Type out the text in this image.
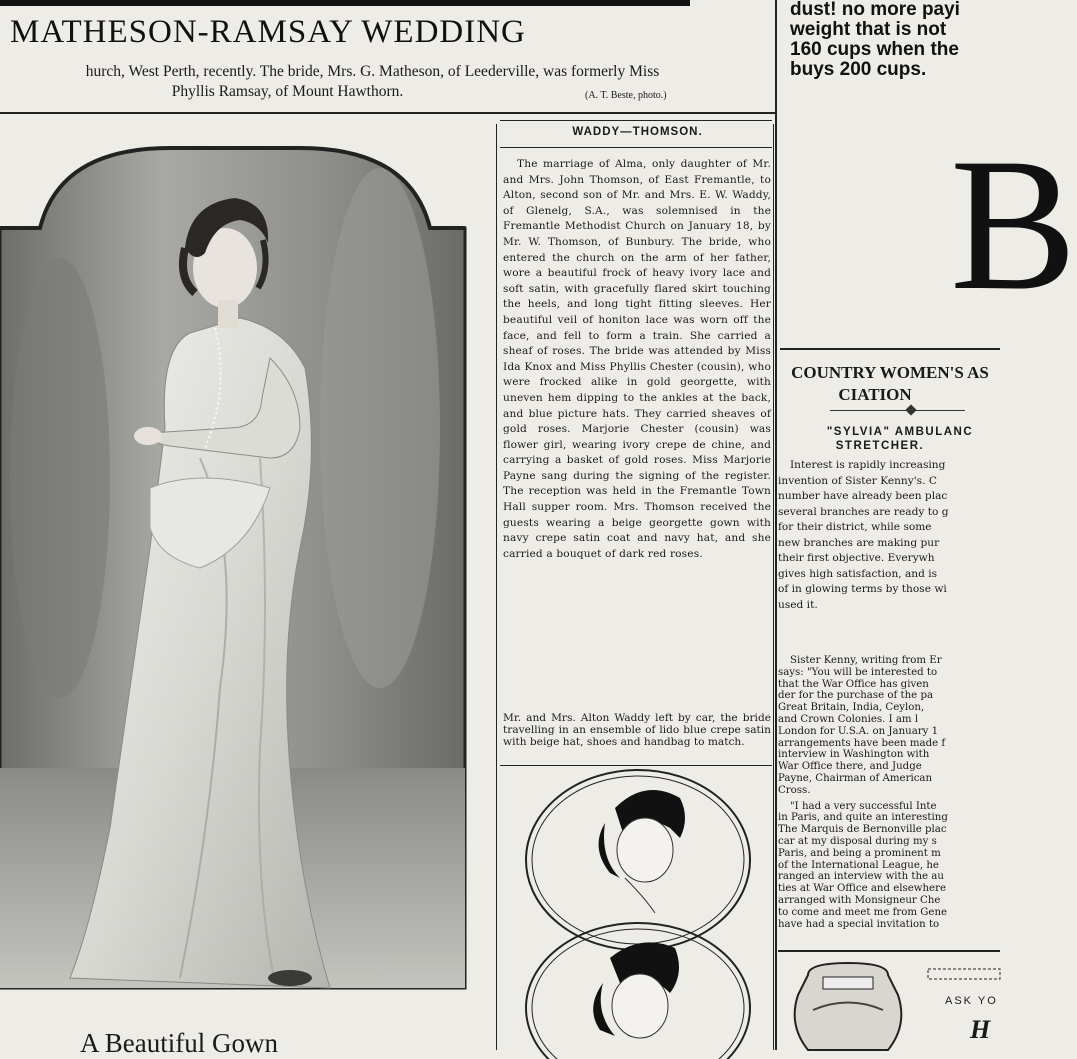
MATHESON-RAMSAY WEDDING
hurch, West Perth, recently. The bride, Mrs. G. Matheson, of Leederville, was formerly Miss
Phyllis Ramsay, of Mount Hawthorn.	(A. T. Beste, photo.)
dust! no more payi
weight that is not
160 cups when the
buys 200 cups.
B
WADDY—THOMSON.
The marriage of Alma, only daughter of Mr. and Mrs. John Thomson, of East Fremantle, to Alton, second son of Mr. and Mrs. E. W. Waddy, of Glenelg, S.A., was solemnised in the Fremantle Methodist Church on January 18, by Mr. W. Thomson, of Bunbury. The bride, who entered the church on the arm of her father, wore a beautiful frock of heavy ivory lace and soft satin, with gracefully flared skirt touching the heels, and long tight fitting sleeves. Her beautiful veil of honiton lace was worn off the face, and fell to form a train. She carried a sheaf of roses. The bride was attended by Miss Ida Knox and Miss Phyllis Chester (cousin), who were frocked alike in gold georgette, with uneven hem dipping to the ankles at the back, and blue picture hats. They carried sheaves of gold roses. Marjorie Chester (cousin) was flower girl, wearing ivory crepe de chine, and carrying a basket of gold roses. Miss Marjorie Payne sang during the signing of the register. The reception was held in the Fremantle Town Hall supper room. Mrs. Thomson received the guests wearing a beige georgette gown with navy crepe satin coat and navy hat, and she carried a bouquet of dark red roses.
Mr. and Mrs. Alton Waddy left by car, the bride travelling in an ensemble of lido blue crepe satin with beige hat, shoes and handbag to match.
COUNTRY WOMEN'S AS
CIATION
"SYLVIA" AMBULANC
STRETCHER.
Interest is rapidly increasing
invention of Sister Kenny's. C
number have already been plac
several branches are ready to g
for their district, while some
new branches are making pur
their first objective. Everywh
gives high satisfaction, and is
of in glowing terms by those wi
used it.
Sister Kenny, writing from Er
says: "You will be interested to
that the War Office has given
der for the purchase of the pa
Great Britain, India, Ceylon,
and Crown Colonies. I am l
London for U.S.A. on January 1
arrangements have been made f
interview in Washington with
War Office there, and Judge
Payne, Chairman of American
Cross.
"I had a very successful Inte
in Paris, and quite an interesting
The Marquis de Bernonville plac
car at my disposal during my s
Paris, and being a prominent m
of the International League, he
ranged an interview with the au
ties at War Office and elsewhere
arranged with Monsigneur Che
to come and meet me from Gene
have had a special invitation to
ASK YO
H
A Beautiful Gown
